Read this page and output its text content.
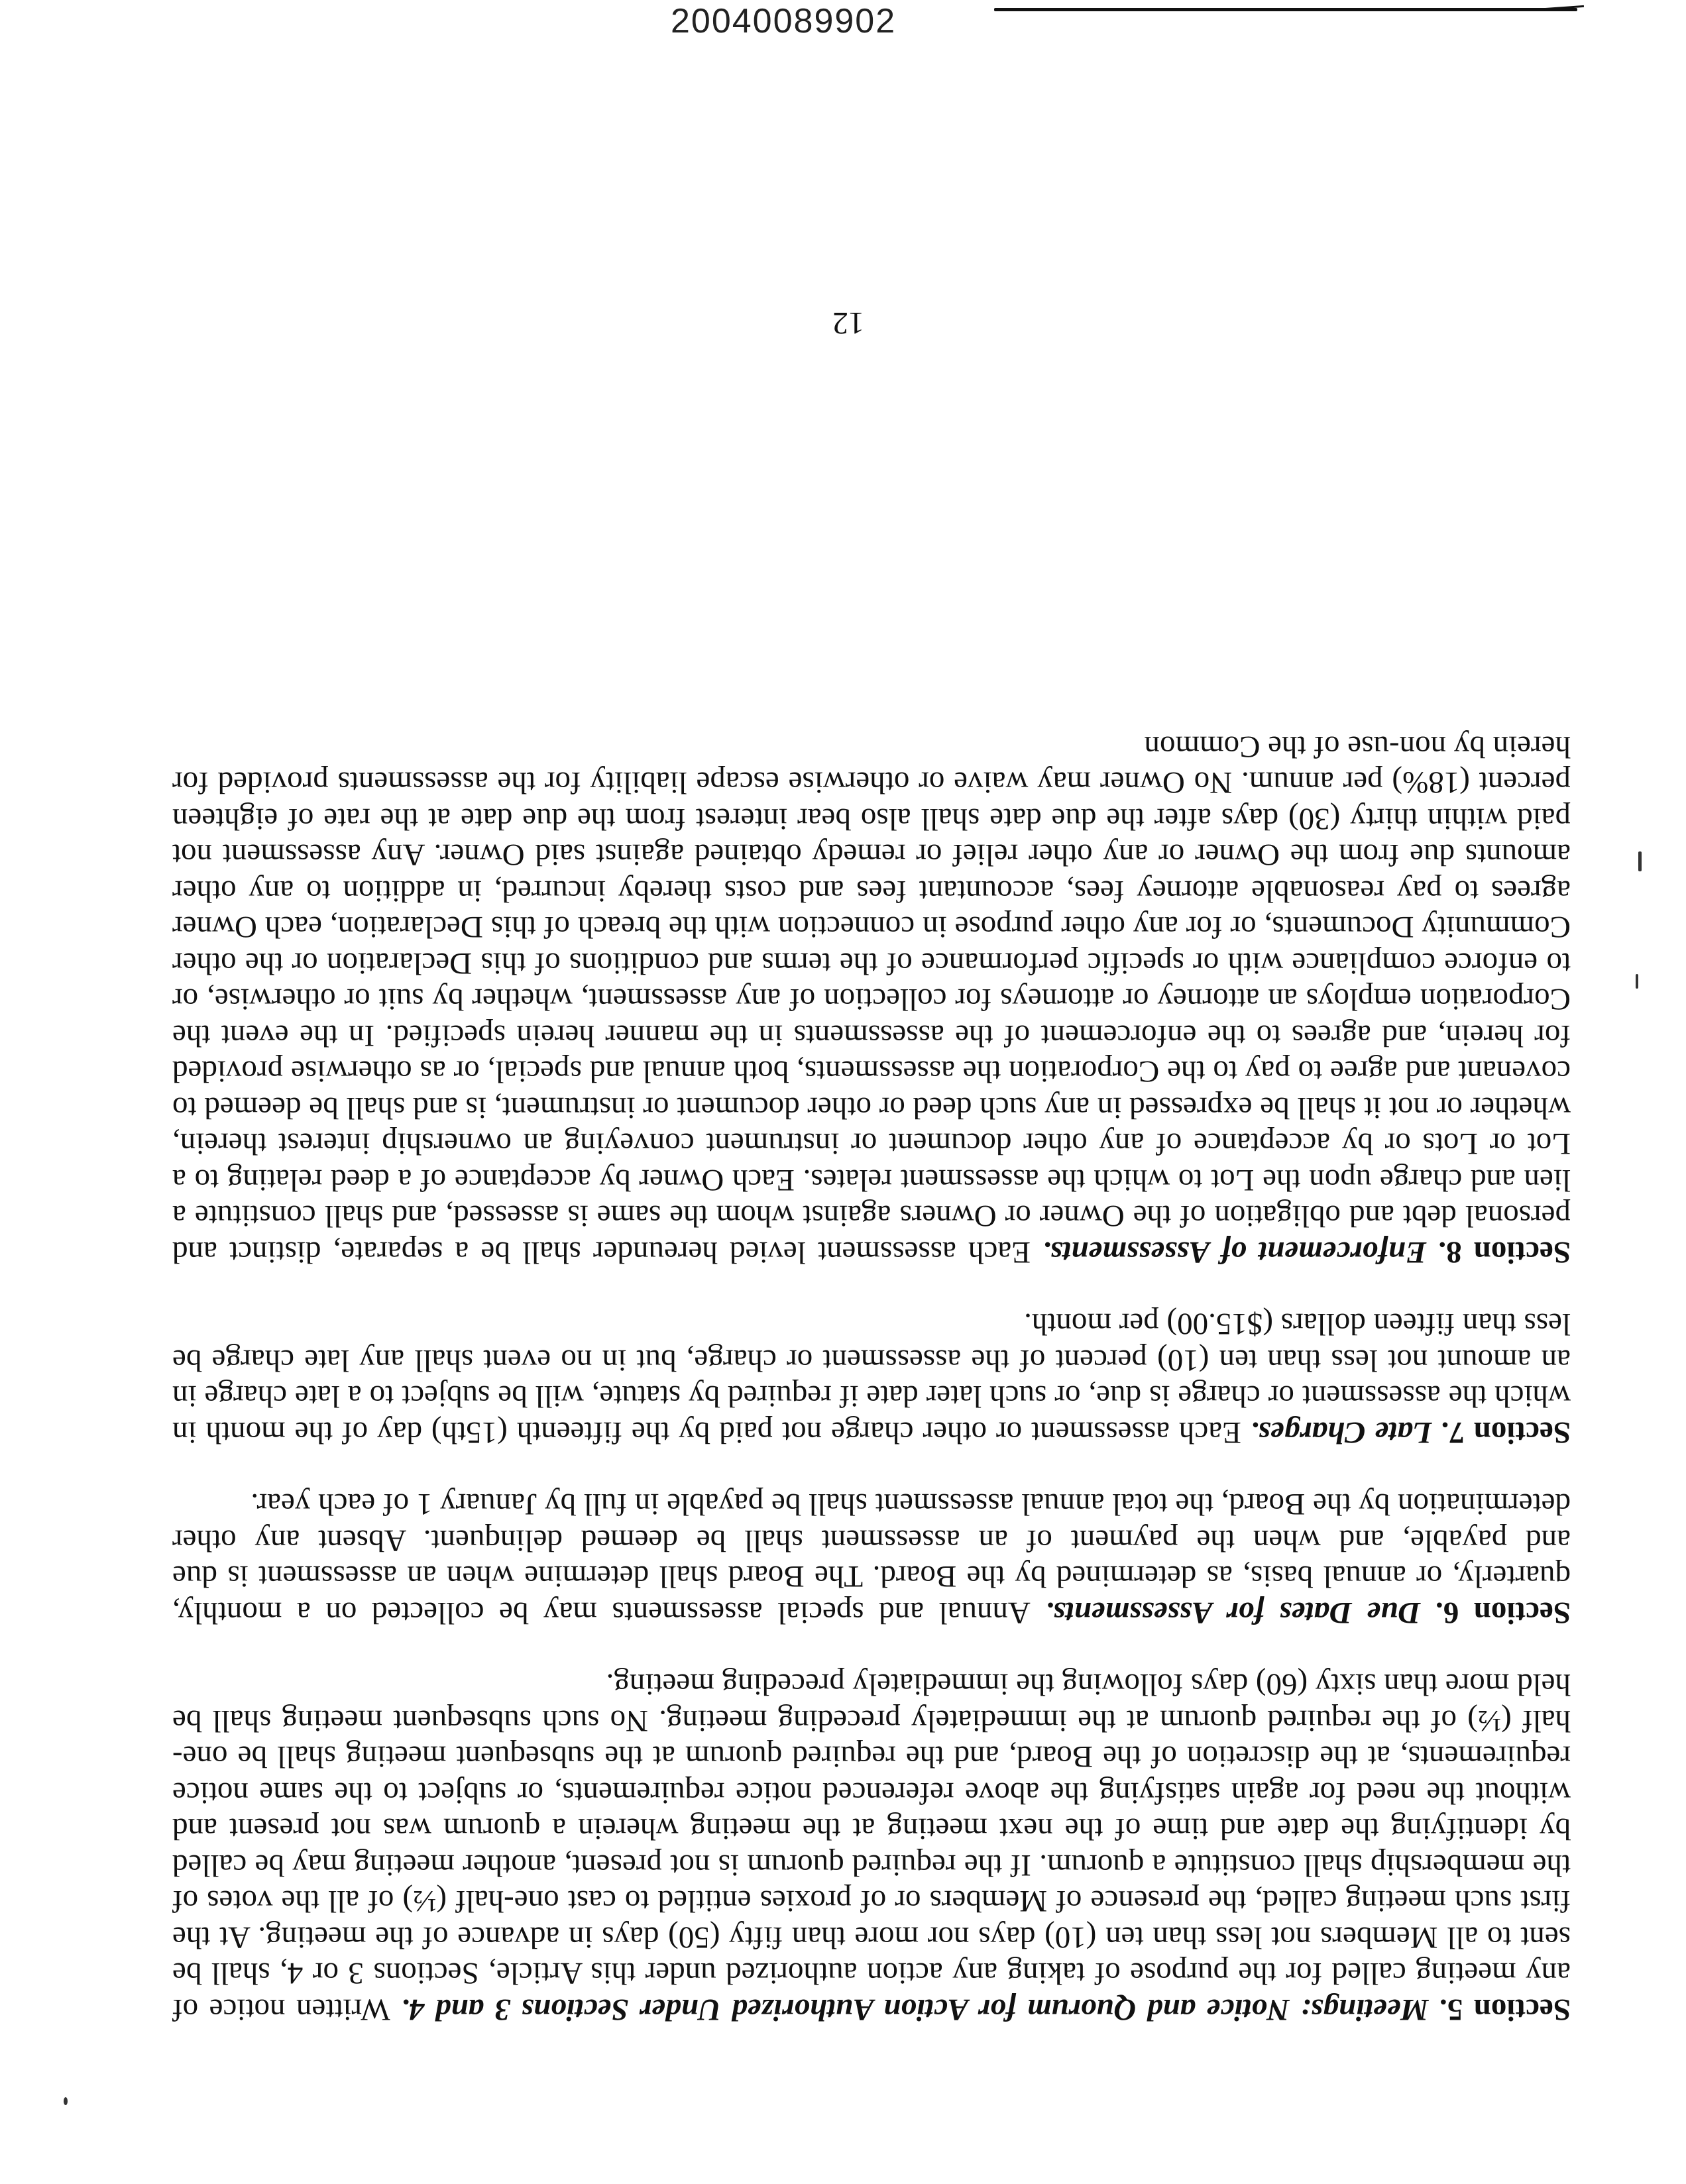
20040089902

Section 5. Meetings: Notice and Quorum for Action Authorized Under Sections 3 and 4. Written notice of any meeting called for the purpose of taking any action authorized under this Article, Sections 3 or 4, shall be sent to all Members not less than ten (10) days nor more than fifty (50) days in advance of the meeting. At the first such meeting called, the presence of Members or of proxies entitled to cast one-half (½) of all the votes of the membership shall constitute a quorum. If the required quorum is not present, another meeting may be called by identifying the date and time of the next meeting at the meeting wherein a quorum was not present and without the need for again satisfying the above referenced notice requirements, or subject to the same notice requirements, at the discretion of the Board, and the required quorum at the subsequent meeting shall be one-half (½) of the required quorum at the immediately preceding meeting. No such subsequent meeting shall be held more than sixty (60) days following the immediately preceding meeting.

Section 6. Due Dates for Assessments. Annual and special assessments may be collected on a monthly, quarterly, or annual basis, as determined by the Board. The Board shall determine when an assessment is due and payable, and when the payment of an assessment shall be deemed delinquent. Absent any other determination by the Board, the total annual assessment shall be payable in full by January 1 of each year.

Section 7. Late Charges. Each assessment or other charge not paid by the fifteenth (15th) day of the month in which the assessment or charge is due, or such later date if required by statute, will be subject to a late charge in an amount not less than ten (10) percent of the assessment or charge, but in no event shall any late charge be less than fifteen dollars ($15.00) per month.

Section 8. Enforcement of Assessments. Each assessment levied hereunder shall be a separate, distinct and personal debt and obligation of the Owner or Owners against whom the same is assessed, and shall constitute a lien and charge upon the Lot to which the assessment relates. Each Owner by acceptance of a deed relating to a Lot or Lots or by acceptance of any other document or instrument conveying an ownership interest therein, whether or not it shall be expressed in any such deed or other document or instrument, is and shall be deemed to covenant and agree to pay to the Corporation the assessments, both annual and special, or as otherwise provided for herein, and agrees to the enforcement of the assessments in the manner herein specified. In the event the Corporation employs an attorney or attorneys for collection of any assessment, whether by suit or otherwise, or to enforce compliance with or specific performance of the terms and conditions of this Declaration or the other Community Documents, or for any other purpose in connection with the breach of this Declaration, each Owner agrees to pay reasonable attorney fees, accountant fees and costs thereby incurred, in addition to any other amounts due from the Owner or any other relief or remedy obtained against said Owner. Any assessment not paid within thirty (30) days after the due date shall also bear interest from the due date at the rate of eighteen percent (18%) per annum. No Owner may waive or otherwise escape liability for the assessments provided for herein by non-use of the Common

12
